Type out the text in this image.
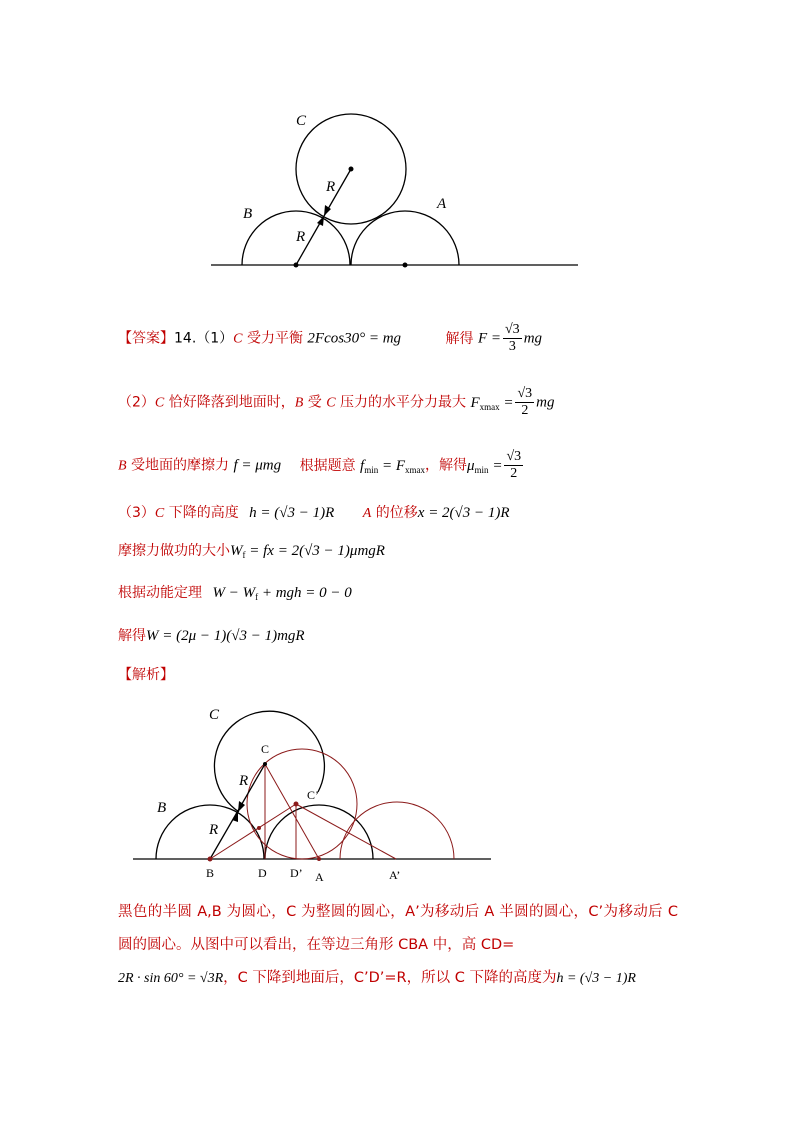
C
B
A
R
R
【答案】14.（1）C 受力平衡 2Fcos30° = mg	解得 $F = \frac{√3}{3}$ mg
（2）C 恰好降落到地面时，B 受 C 压力的水平分力最大 $F_{xmax} = \frac{√3}{2}$ mg
B 受地面的摩擦力 f = μmg 根据题意 $f_{min} = F_{xmax}$，解得$\mu_{min} = \frac{√3}{2}$
（3）C 下降的高度 h = (√3 − 1)R A 的位移x = 2(√3 − 1)R
摩擦力做功的大小$W_f$ = fx = 2(√3 − 1)μmgR
根据动能定理 $W - W_f$ + mgh = 0 − 0
解得W = (2μ − 1)(√3 − 1)mgR
【解析】
C
B
R
R
C
C’
B	D D’ A	A’
黑色的半圆 A,B 为圆心，C 为整圆的圆心，A’为移动后 A 半圆的圆心，C’为移动后 C 圆的圆心。从图中可以看出，在等边三角形 CBA 中，高 CD=
2R · sin 60° = √3R，C 下降到地面后，C’D’=R，所以 C 下降的高度为h = (√3 − 1)R
